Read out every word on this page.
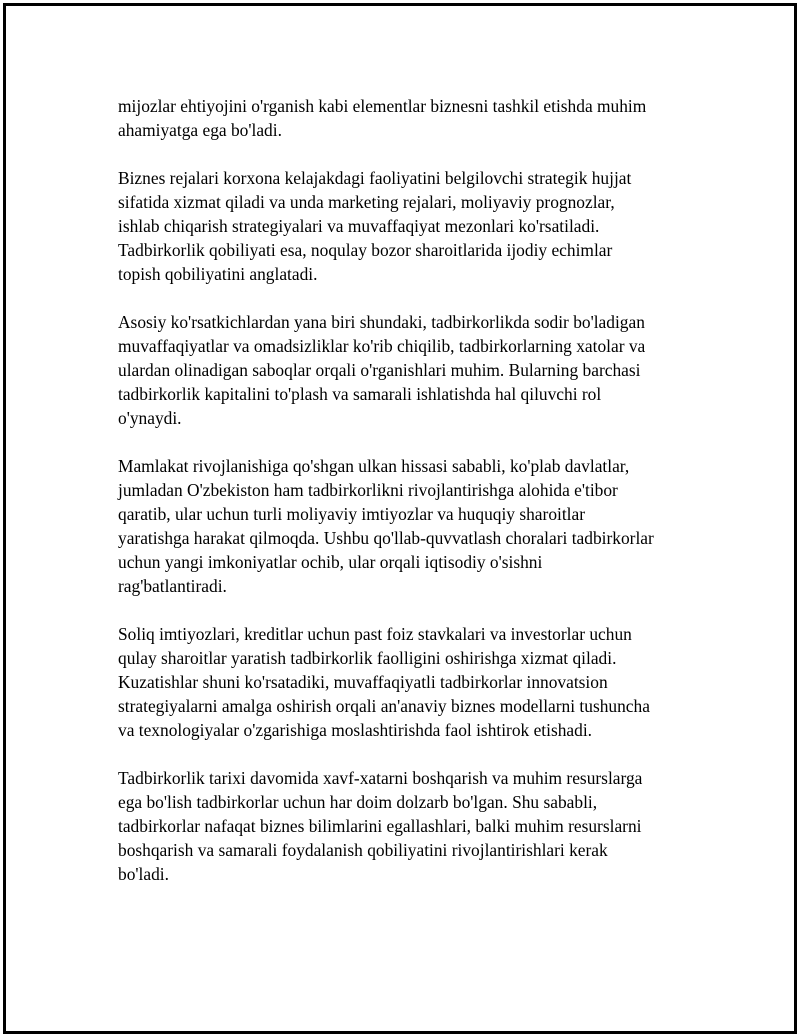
mijozlar ehtiyojini o'rganish kabi elementlar biznesni tashkil etishda muhim
ahamiyatga ega bo'ladi.

Biznes rejalari korxona kelajakdagi faoliyatini belgilovchi strategik hujjat
sifatida xizmat qiladi va unda marketing rejalari, moliyaviy prognozlar,
ishlab chiqarish strategiyalari va muvaffaqiyat mezonlari ko'rsatiladi.
Tadbirkorlik qobiliyati esa, noqulay bozor sharoitlarida ijodiy echimlar
topish qobiliyatini anglatadi.

Asosiy ko'rsatkichlardan yana biri shundaki, tadbirkorlikda sodir bo'ladigan
muvaffaqiyatlar va omadsizliklar ko'rib chiqilib, tadbirkorlarning xatolar va
ulardan olinadigan saboqlar orqali o'rganishlari muhim. Bularning barchasi
tadbirkorlik kapitalini to'plash va samarali ishlatishda hal qiluvchi rol
o'ynaydi.

Mamlakat rivojlanishiga qo'shgan ulkan hissasi sababli, ko'plab davlatlar,
jumladan O'zbekiston ham tadbirkorlikni rivojlantirishga alohida e'tibor
qaratib, ular uchun turli moliyaviy imtiyozlar va huquqiy sharoitlar
yaratishga harakat qilmoqda. Ushbu qo'llab-quvvatlash choralari tadbirkorlar
uchun yangi imkoniyatlar ochib, ular orqali iqtisodiy o'sishni
rag'batlantiradi.

Soliq imtiyozlari, kreditlar uchun past foiz stavkalari va investorlar uchun
qulay sharoitlar yaratish tadbirkorlik faolligini oshirishga xizmat qiladi.
Kuzatishlar shuni ko'rsatadiki, muvaffaqiyatli tadbirkorlar innovatsion
strategiyalarni amalga oshirish orqali an'anaviy biznes modellarni tushuncha
va texnologiyalar o'zgarishiga moslashtirishda faol ishtirok etishadi.

Tadbirkorlik tarixi davomida xavf-xatarni boshqarish va muhim resurslarga
ega bo'lish tadbirkorlar uchun har doim dolzarb bo'lgan. Shu sababli,
tadbirkorlar nafaqat biznes bilimlarini egallashlari, balki muhim resurslarni
boshqarish va samarali foydalanish qobiliyatini rivojlantirishlari kerak
bo'ladi.
